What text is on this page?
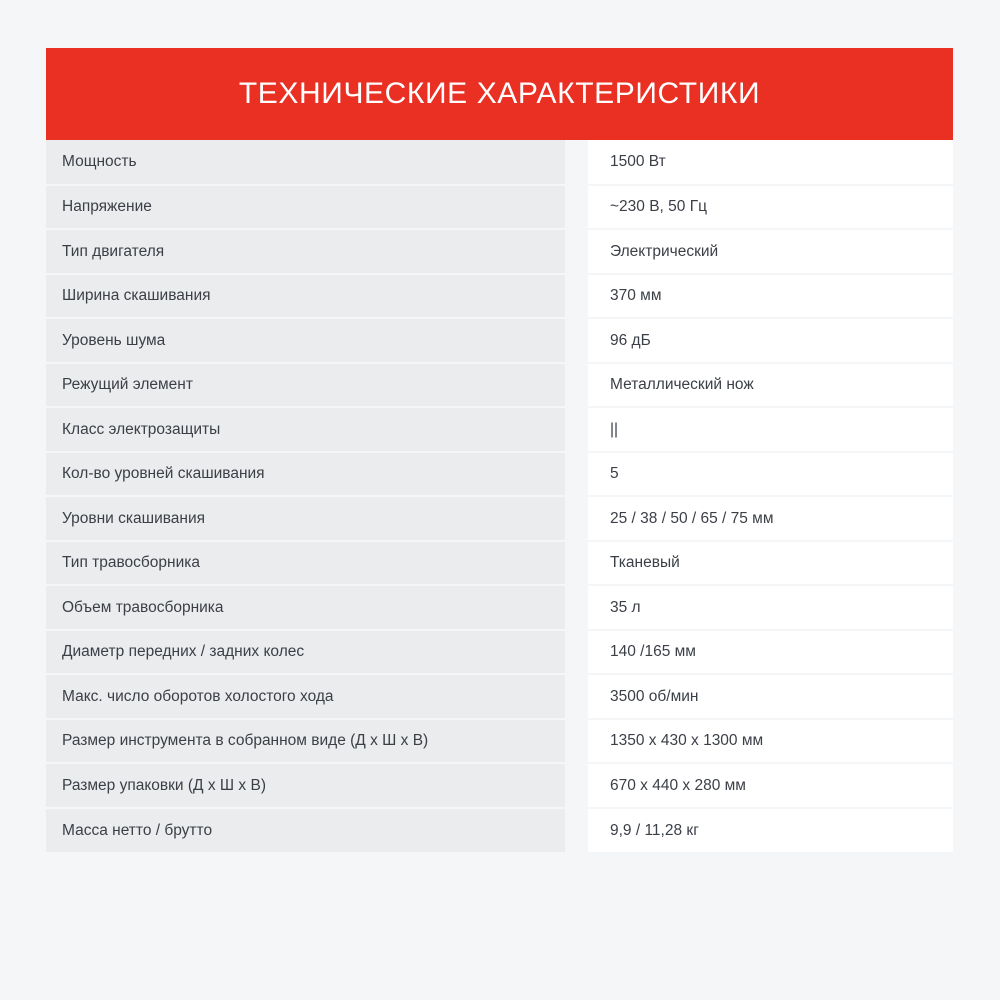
ТЕХНИЧЕСКИЕ ХАРАКТЕРИСТИКИ
Мощность		1500 Вт
Напряжение		~230 В, 50 Гц
Тип двигателя		Электрический
Ширина скашивания		370 мм
Уровень шума		96 дБ
Режущий элемент		Металлический нож
Класс электрозащиты		||
Кол-во уровней скашивания		5
Уровни скашивания		25 / 38 / 50 / 65 / 75 мм
Тип травосборника		Тканевый
Объем травосборника		35 л
Диаметр передних / задних колес		140 /165 мм
Макс. число оборотов холостого хода		3500 об/мин
Размер инструмента в собранном виде (Д х Ш х В)		1350 x 430 x 1300 мм
Размер упаковки (Д х Ш х В)		670 x 440 x 280 мм
Масса нетто / брутто		9,9 / 11,28 кг
